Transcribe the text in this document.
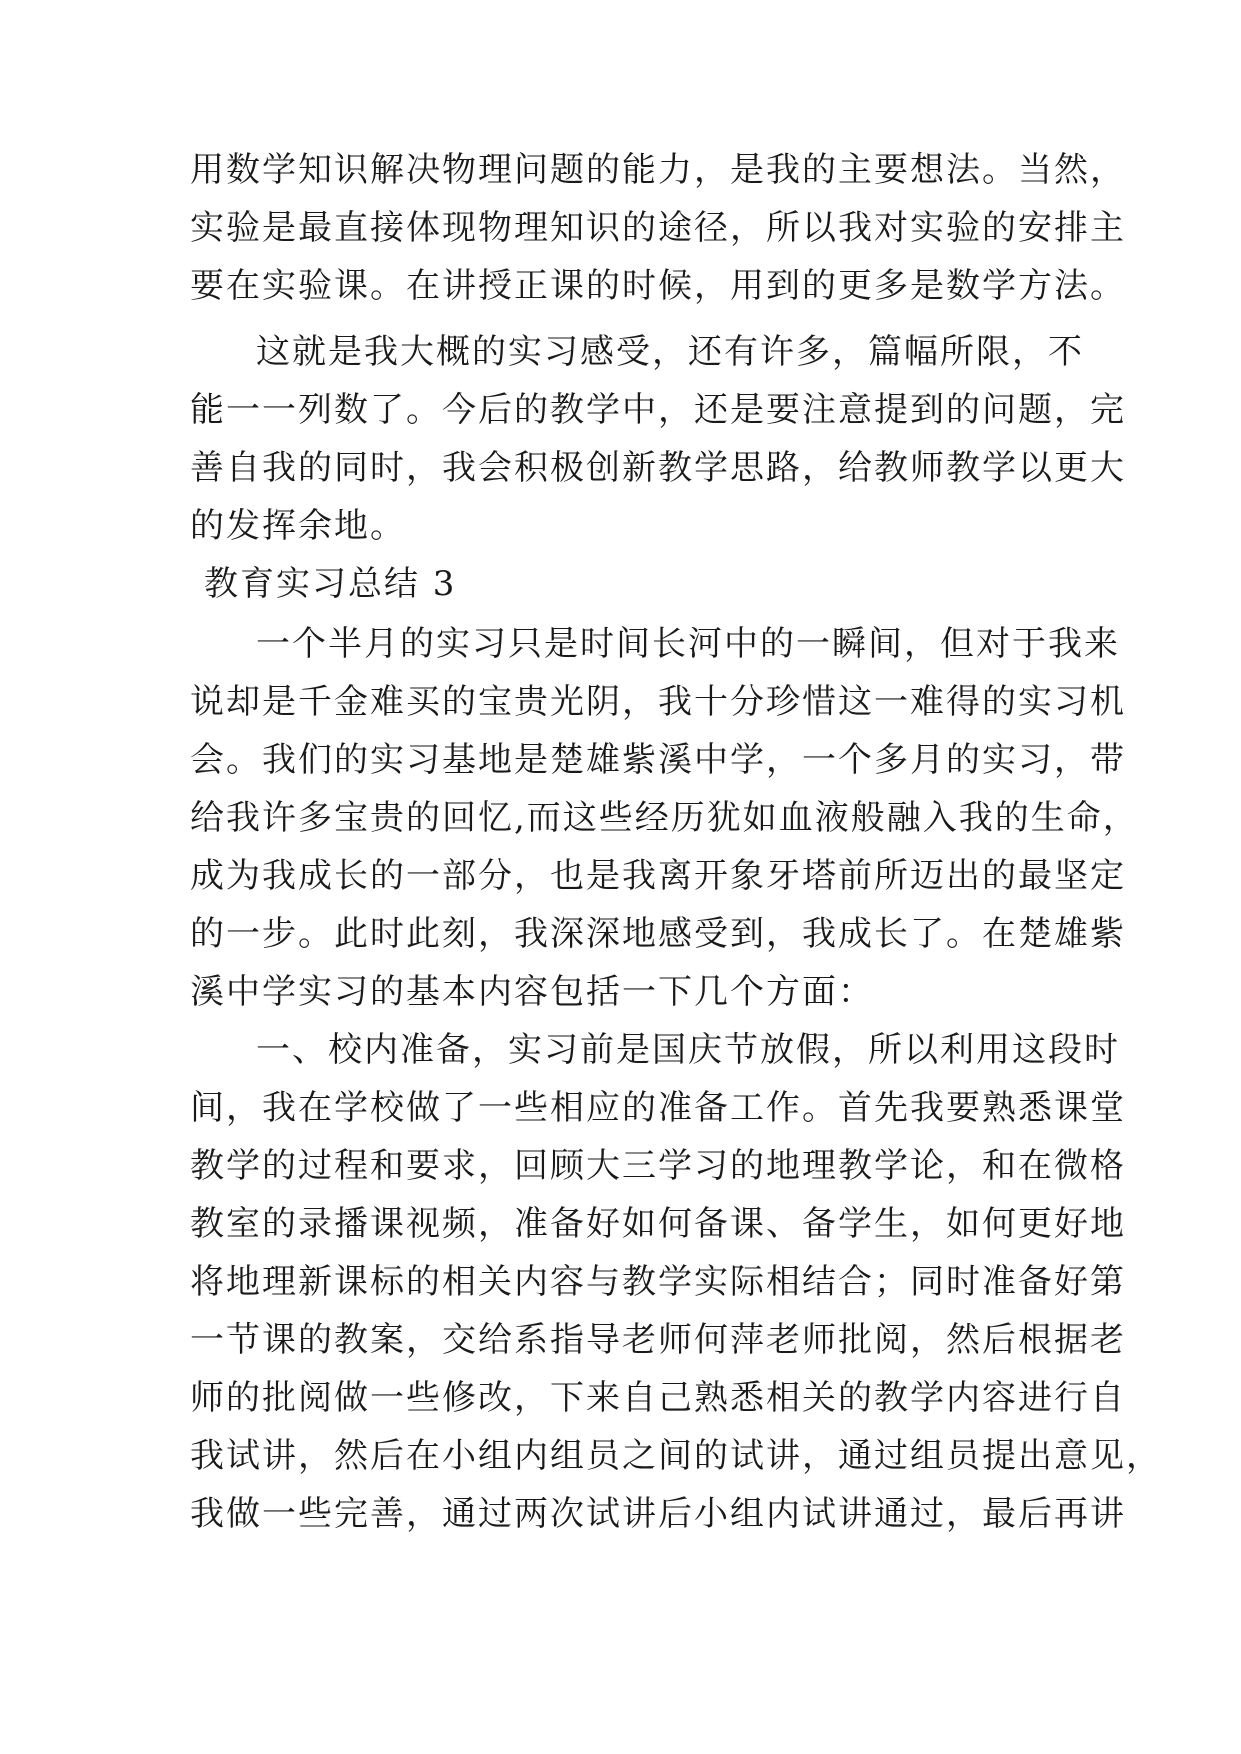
用数学知识解决物理问题的能力，是我的主要想法。当然，
实验是最直接体现物理知识的途径，所以我对实验的安排主
要在实验课。在讲授正课的时候，用到的更多是数学方法。
这就是我大概的实习感受，还有许多，篇幅所限，不
能一一列数了。今后的教学中，还是要注意提到的问题，完
善自我的同时，我会积极创新教学思路，给教师教学以更大
的发挥余地。
教育实习总结 3
一个半月的实习只是时间长河中的一瞬间，但对于我来
说却是千金难买的宝贵光阴，我十分珍惜这一难得的实习机
会。我们的实习基地是楚雄紫溪中学，一个多月的实习，带
给我许多宝贵的回忆,而这些经历犹如血液般融入我的生命，
成为我成长的一部分，也是我离开象牙塔前所迈出的最坚定
的一步。此时此刻，我深深地感受到，我成长了。在楚雄紫
溪中学实习的基本内容包括一下几个方面：
一、校内准备，实习前是国庆节放假，所以利用这段时
间，我在学校做了一些相应的准备工作。首先我要熟悉课堂
教学的过程和要求，回顾大三学习的地理教学论，和在微格
教室的录播课视频，准备好如何备课、备学生，如何更好地
将地理新课标的相关内容与教学实际相结合；同时准备好第
一节课的教案，交给系指导老师何萍老师批阅，然后根据老
师的批阅做一些修改，下来自己熟悉相关的教学内容进行自
我试讲，然后在小组内组员之间的试讲，通过组员提出意见，
我做一些完善，通过两次试讲后小组内试讲通过，最后再讲
